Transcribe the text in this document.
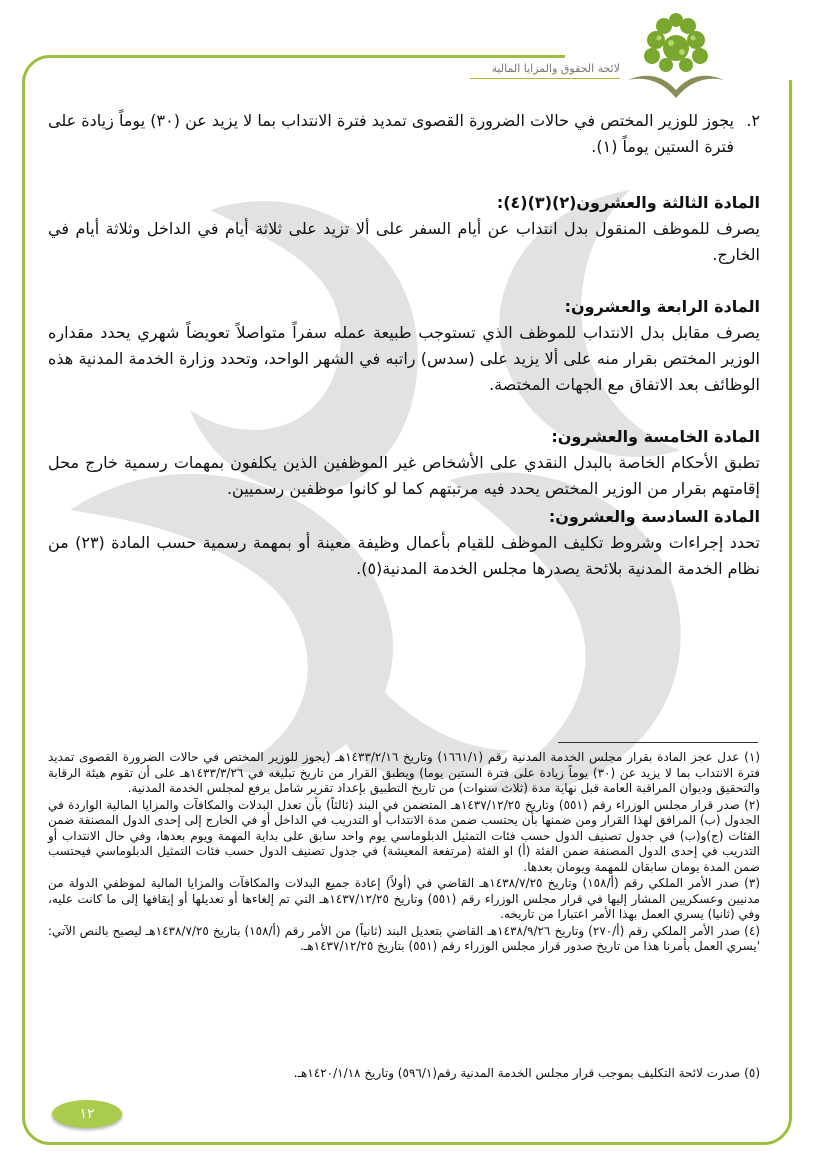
لائحة الحقوق والمزايا المالية
٢.

يجوز للوزير المختص في حالات الضرورة القصوى تمديد فترة الانتداب بما لا يزيد عن (٣٠) يوماً زيادة على فترة الستين يوماً (١).

المادة الثالثة والعشرون(٢)(٣)(٤):

يصرف للموظف المنقول بدل انتداب عن أيام السفر على ألا تزيد على ثلاثة أيام في الداخل وثلاثة أيام في الخارج.

المادة الرابعة والعشرون:

يصرف مقابل بدل الانتداب للموظف الذي تستوجب طبيعة عمله سفراً متواصلاً تعويضاً شهري يحدد مقداره الوزير المختص بقرار منه على ألا يزيد على (سدس) راتبه في الشهر الواحد، وتحدد وزارة الخدمة المدنية هذه الوظائف بعد الاتفاق مع الجهات المختصة.

المادة الخامسة والعشرون:

تطبق الأحكام الخاصة بالبدل النقدي على الأشخاص غير الموظفين الذين يكلفون بمهمات رسمية خارج محل إقامتهم بقرار من الوزير المختص يحدد فيه مرتبتهم كما لو كانوا موظفين رسميين.

المادة السادسة والعشرون:

تحدد إجراءات وشروط تكليف الموظف للقيام بأعمال وظيفة معينة أو بمهمة رسمية حسب المادة (٢٣) من نظام الخدمة المدنية بلائحة يصدرها مجلس الخدمة المدنية(٥).

(١) عدل عجز المادة بقرار مجلس الخدمة المدنية رقم (١٦٦١/١) وتاريخ ١٤٣٣/٢/١٦هـ (يجوز للوزير المختص في حالات الضرورة القصوى تمديد فترة الانتداب بما لا يزيد عن (٣٠) يوماً زيادة على فترة الستين يوما) ويطبق القرار من تاريخ تبليغه في ١٤٣٣/٣/٢٦هـ على أن تقوم هيئة الرقابة والتحقيق وديوان المراقبة العامة قبل نهاية مدة (ثلاث سنوات) من تاريخ التطبيق بإعداد تقرير شامل يرفع لمجلس الخدمة المدنية.

(٢) صدر قرار مجلس الوزراء رقم (٥٥١) وتاريخ ١٤٣٧/١٢/٢٥هـ المتضمن في البند (ثالثاً) بأن تعدل البدلات والمكافآت والمزايا المالية الواردة في الجدول (ب) المرافق لهذا القرار ومن ضمنها بأن يحتسب ضمن مدة الانتداب أو التدريب في الداخل أو في الخارج إلى إحدى الدول المصنفة ضمن الفئات (ج)و(ب) في جدول تصنيف الدول حسب فئات التمثيل الدبلوماسي يوم واحد سابق على بداية المهمة ويوم بعدها، وفي حال الانتداب أو التدريب في إحدى الدول المصنفة ضمن الفئة (أ) او الفئة (مرتفعة المعيشة) في جدول تصنيف الدول حسب فئات التمثيل الدبلوماسي فيحتسب ضمن المدة يومان سابقان للمهمة ويومان بعدها.

(٣) صدر الأمر الملكي رقم (أ/١٥٨) وتاريخ ١٤٣٨/٧/٢٥هـ القاضي في (أولاً) إعادة جميع البدلات والمكافآت والمزايا المالية لموظفي الدولة من مدنيين وعسكريين المشار إليها في قرار مجلس الوزراء رقم (٥٥١) وتاريخ ١٤٣٧/١٢/٢٥هـ التي تم إلغاءها أو تعديلها أو إيقافها إلى ما كانت عليه، وفي (ثانيا) يسري العمل بهذا الأمر اعتبارا من تاريخه.

(٤) صدر الأمر الملكي رقم (أ/٢٧٠) وتاريخ ١٤٣٨/٩/٢٦هـ القاضي بتعديل البند (ثانياً) من الأمر رقم (أ/١٥٨) بتاريخ ١٤٣٨/٧/٢٥هـ ليصبح بالنص الآتي: 'يسري العمل بأمرنا هذا من تاريخ صدور قرار مجلس الوزراء رقم (٥٥١) بتاريخ ١٤٣٧/١٢/٢٥هـ.

(٥) صدرت لائحة التكليف بموجب قرار مجلس الخدمة المدنية رقم(٥٩٦/١) وتاريخ ١٤٢٠/١/١٨هـ.
١٢
